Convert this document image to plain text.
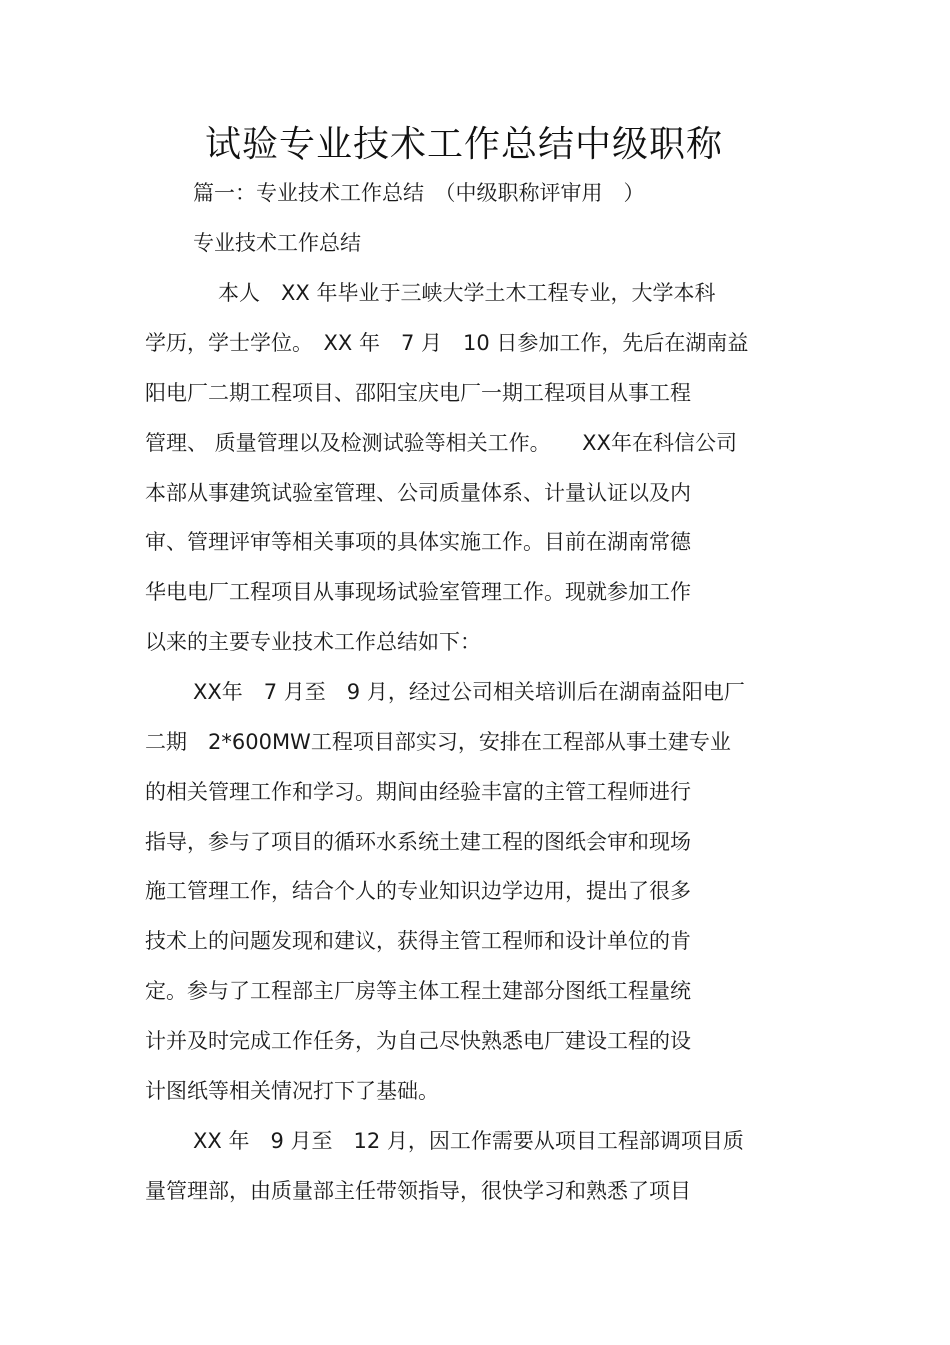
试验专业技术工作总结中级职称
篇一：专业技术工作总结　（中级职称评审用　）
专业技术工作总结
本人　XX 年毕业于三峡大学土木工程专业，大学本科
学历，学士学位。　XX 年　7 月　10 日参加工作，先后在湖南益
阳电厂二期工程项目、邵阳宝庆电厂一期工程项目从事工程
管理、 质量管理以及检测试验等相关工作。　　XX年在科信公司
本部从事建筑试验室管理、公司质量体系、计量认证以及内
审、管理评审等相关事项的具体实施工作。目前在湖南常德
华电电厂工程项目从事现场试验室管理工作。现就参加工作
以来的主要专业技术工作总结如下：
XX年　7 月至　9 月，经过公司相关培训后在湖南益阳电厂
二期　2*600MW工程项目部实习，安排在工程部从事土建专业
的相关管理工作和学习。期间由经验丰富的主管工程师进行
指导，参与了项目的循环水系统土建工程的图纸会审和现场
施工管理工作，结合个人的专业知识边学边用，提出了很多
技术上的问题发现和建议，获得主管工程师和设计单位的肯
定。参与了工程部主厂房等主体工程土建部分图纸工程量统
计并及时完成工作任务，为自己尽快熟悉电厂建设工程的设
计图纸等相关情况打下了基础。
XX 年　9 月至　12 月，因工作需要从项目工程部调项目质
量管理部，由质量部主任带领指导，很快学习和熟悉了项目
